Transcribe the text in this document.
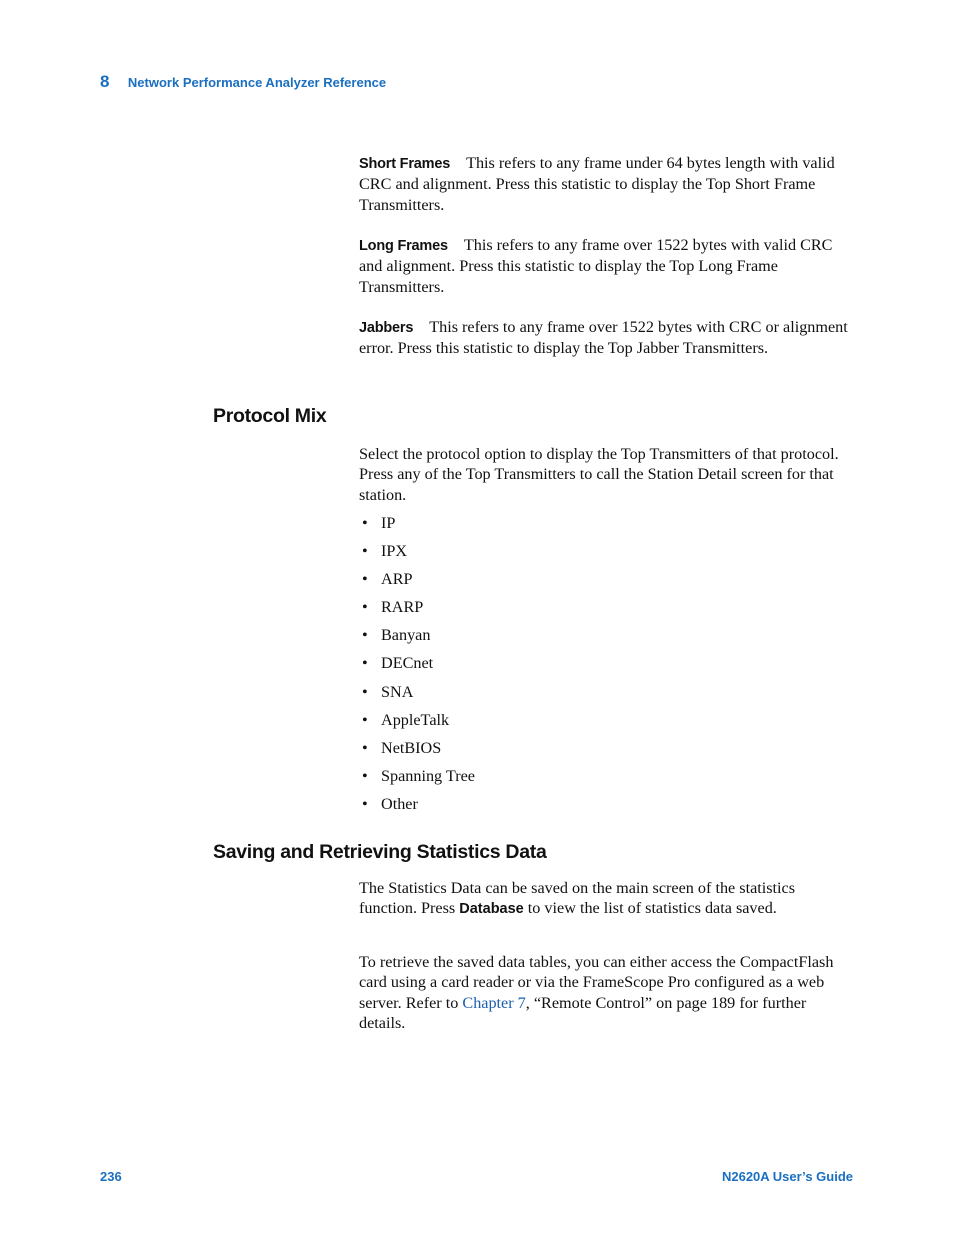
8 Network Performance Analyzer Reference
Short Frames This refers to any frame under 64 bytes length with valid CRC and alignment. Press this statistic to display the Top Short Frame Transmitters.
Long Frames This refers to any frame over 1522 bytes with valid CRC and alignment. Press this statistic to display the Top Long Frame Transmitters.
Jabbers This refers to any frame over 1522 bytes with CRC or alignment error. Press this statistic to display the Top Jabber Transmitters.
Protocol Mix
Select the protocol option to display the Top Transmitters of that protocol. Press any of the Top Transmitters to call the Station Detail screen for that station.
• IP
• IPX
• ARP
• RARP
• Banyan
• DECnet
• SNA
• AppleTalk
• NetBIOS
• Spanning Tree
• Other
Saving and Retrieving Statistics Data
The Statistics Data can be saved on the main screen of the statistics function. Press Database to view the list of statistics data saved.
To retrieve the saved data tables, you can either access the CompactFlash card using a card reader or via the FrameScope Pro configured as a web server. Refer to Chapter 7, “Remote Control” on page 189 for further details.
236	N2620A User’s Guide
